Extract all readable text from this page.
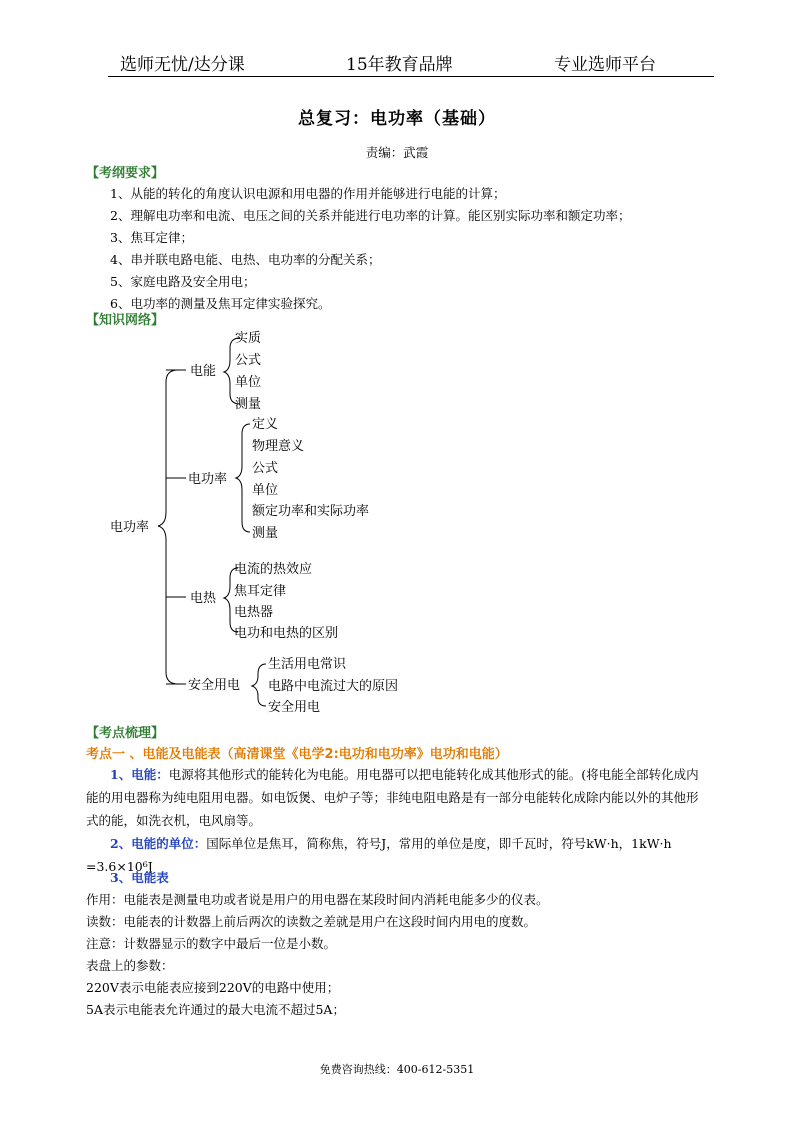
选师无忧/达分课	15年教育品牌	专业选师平台
总复习：电功率（基础）
责编：武霞
【考纲要求】
1、从能的转化的角度认识电源和用电器的作用并能够进行电能的计算；
2、理解电功率和电流、电压之间的关系并能进行电功率的计算。能区别实际功率和额定功率；
3、焦耳定律；
4、串并联电路电能、电热、电功率的分配关系；
5、家庭电路及安全用电；
6、电功率的测量及焦耳定律实验探究。
【知识网络】
电功率
电能
实质
公式
单位
测量
电功率
定义
物理意义
公式
单位
额定功率和实际功率
测量
电热
电流的热效应
焦耳定律
电热器
电功和电热的区别
安全用电
生活用电常识
电路中电流过大的原因
安全用电
【考点梳理】
考点一 、电能及电能表（高清课堂《电学2:电功和电功率》电功和电能）
1、电能：电源将其他形式的能转化为电能。用电器可以把电能转化成其他形式的能。(将电能全部转化成内能的用电器称为纯电阻用电器。如电饭煲、电炉子等；非纯电阻电路是有一部分电能转化成除内能以外的其他形式的能，如洗衣机，电风扇等。
2、电能的单位：国际单位是焦耳，简称焦，符号J，常用的单位是度，即千瓦时，符号kW·h，1kW·h =3.6×10⁶J
3、电能表
作用：电能表是测量电功或者说是用户的用电器在某段时间内消耗电能多少的仪表。
读数：电能表的计数器上前后两次的读数之差就是用户在这段时间内用电的度数。
注意：计数器显示的数字中最后一位是小数。
表盘上的参数：
220V表示电能表应接到220V的电路中使用；
5A表示电能表允许通过的最大电流不超过5A；
免费咨询热线：400-612-5351
